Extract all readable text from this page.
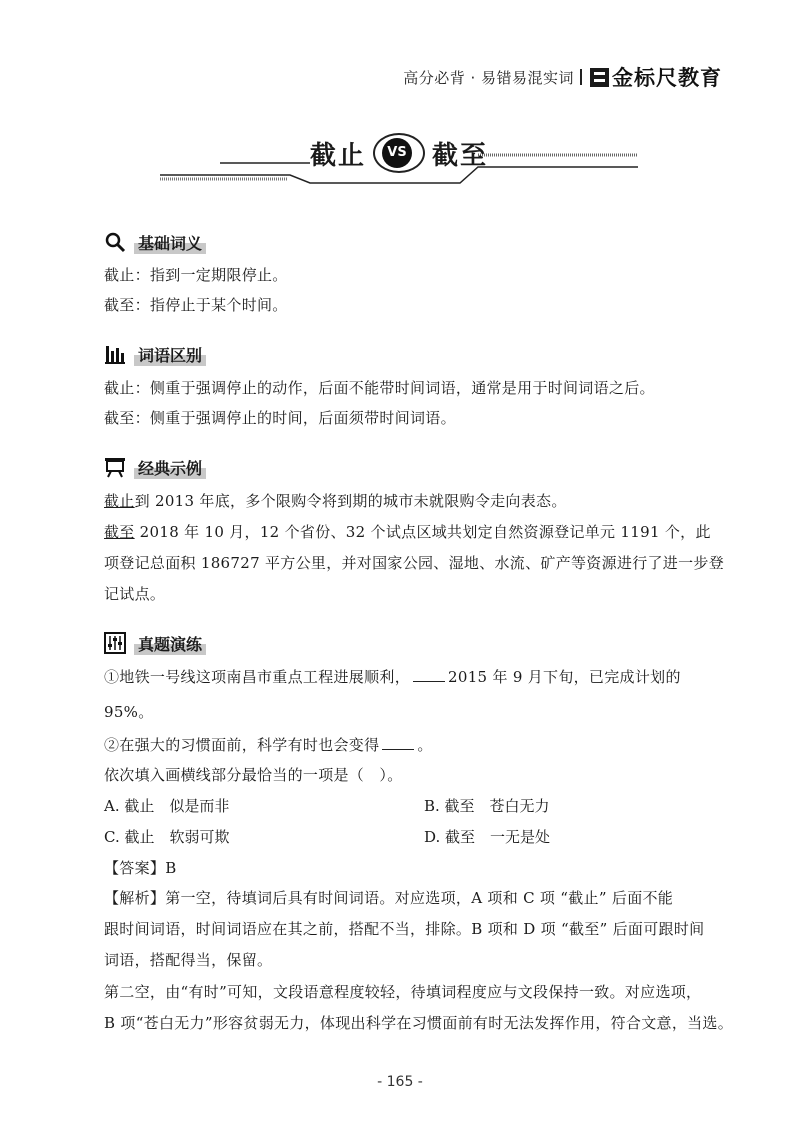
高分必背 · 易错易混实词 金标尺教育
截止	VS 截至
基础词义
截止：指到一定期限停止。
截至：指停止于某个时间。
词语区别
截止：侧重于强调停止的动作，后面不能带时间词语，通常是用于时间词语之后。
截至：侧重于强调停止的时间，后面须带时间词语。
经典示例
截止到 2013 年底，多个限购令将到期的城市未就限购令走向表态。
截至 2018 年 10 月，12 个省份、32 个试点区域共划定自然资源登记单元 1191 个，此
项登记总面积 186727 平方公里，并对国家公园、湿地、水流、矿产等资源进行了进一步登
记试点。
真题演练
①地铁一号线这项南昌市重点工程进展顺利，	2015 年 9 月下旬，已完成计划的
95%。
②在强大的习惯面前，科学有时也会变得	。
依次填入画横线部分最恰当的一项是（　）。
A. 截止　似是而非	B. 截至　苍白无力
C. 截止　软弱可欺	D. 截至　一无是处
【答案】B
【解析】第一空，待填词后具有时间词语。对应选项，A 项和 C 项 “截止” 后面不能
跟时间词语，时间词语应在其之前，搭配不当，排除。B 项和 D 项 “截至” 后面可跟时间
词语，搭配得当，保留。
第二空，由“有时”可知，文段语意程度较轻，待填词程度应与文段保持一致。对应选项，
B 项“苍白无力”形容贫弱无力，体现出科学在习惯面前有时无法发挥作用，符合文意，当选。
- 165 -
